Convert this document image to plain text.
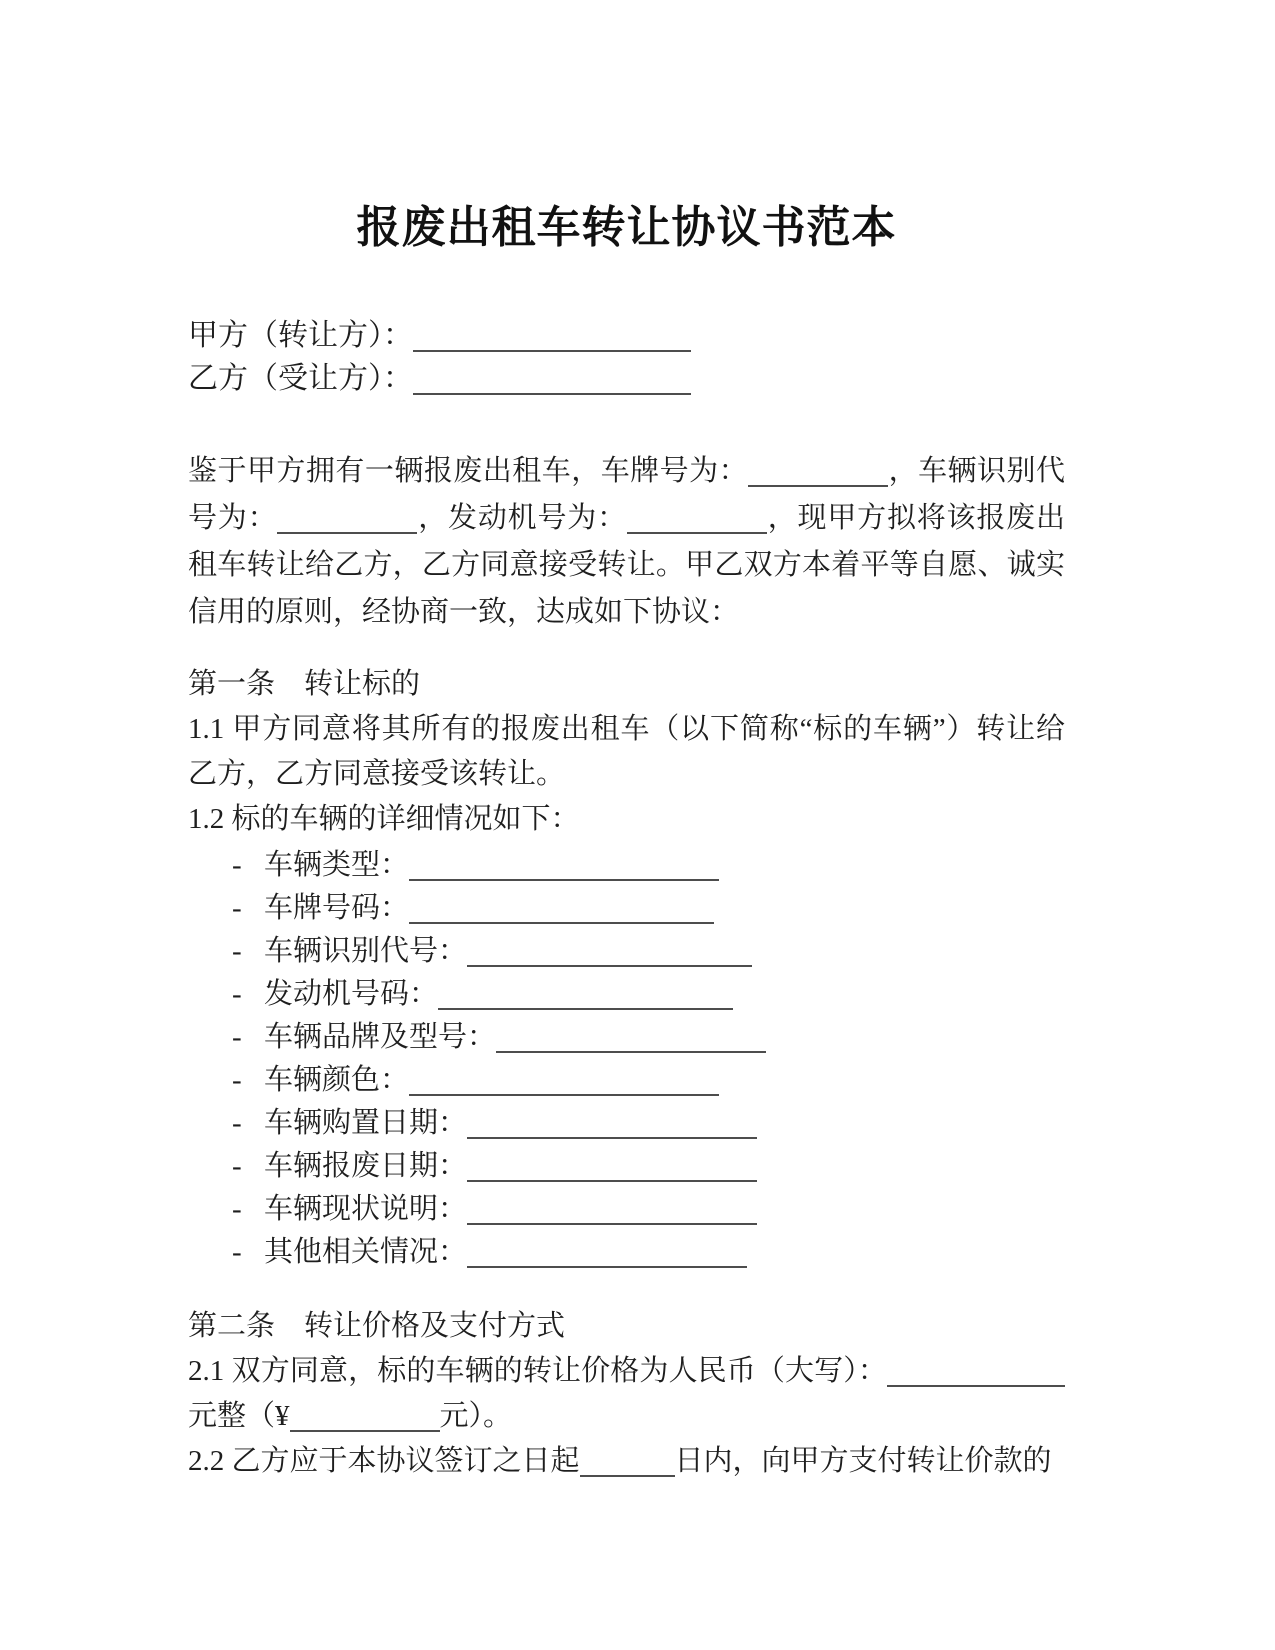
报废出租车转让协议书范本
甲方（转让方）：
乙方（受让方）：

鉴于甲方拥有一辆报废出租车，车牌号为：	，车辆识别代号为：	，发动机号为：	，现甲方拟将该报废出租车转让给乙方，乙方同意接受转让。甲乙双方本着平等自愿、诚实信用的原则，经协商一致，达成如下协议：

第一条　转让标的

1.1 甲方同意将其所有的报废出租车（以下简称“标的车辆”）转让给乙方，乙方同意接受该转让。

1.2 标的车辆的详细情况如下：

- 车辆类型：
- 车牌号码：
- 车辆识别代号：
- 发动机号码：
- 车辆品牌及型号：
- 车辆颜色：
- 车辆购置日期：
- 车辆报废日期：
- 车辆现状说明：
- 其他相关情况：

第二条　转让价格及支付方式

2.1 双方同意，标的车辆的转让价格为人民币（大写）：元整（¥	元）。

2.2 乙方应于本协议签订之日起	日内，向甲方支付转让价款的
